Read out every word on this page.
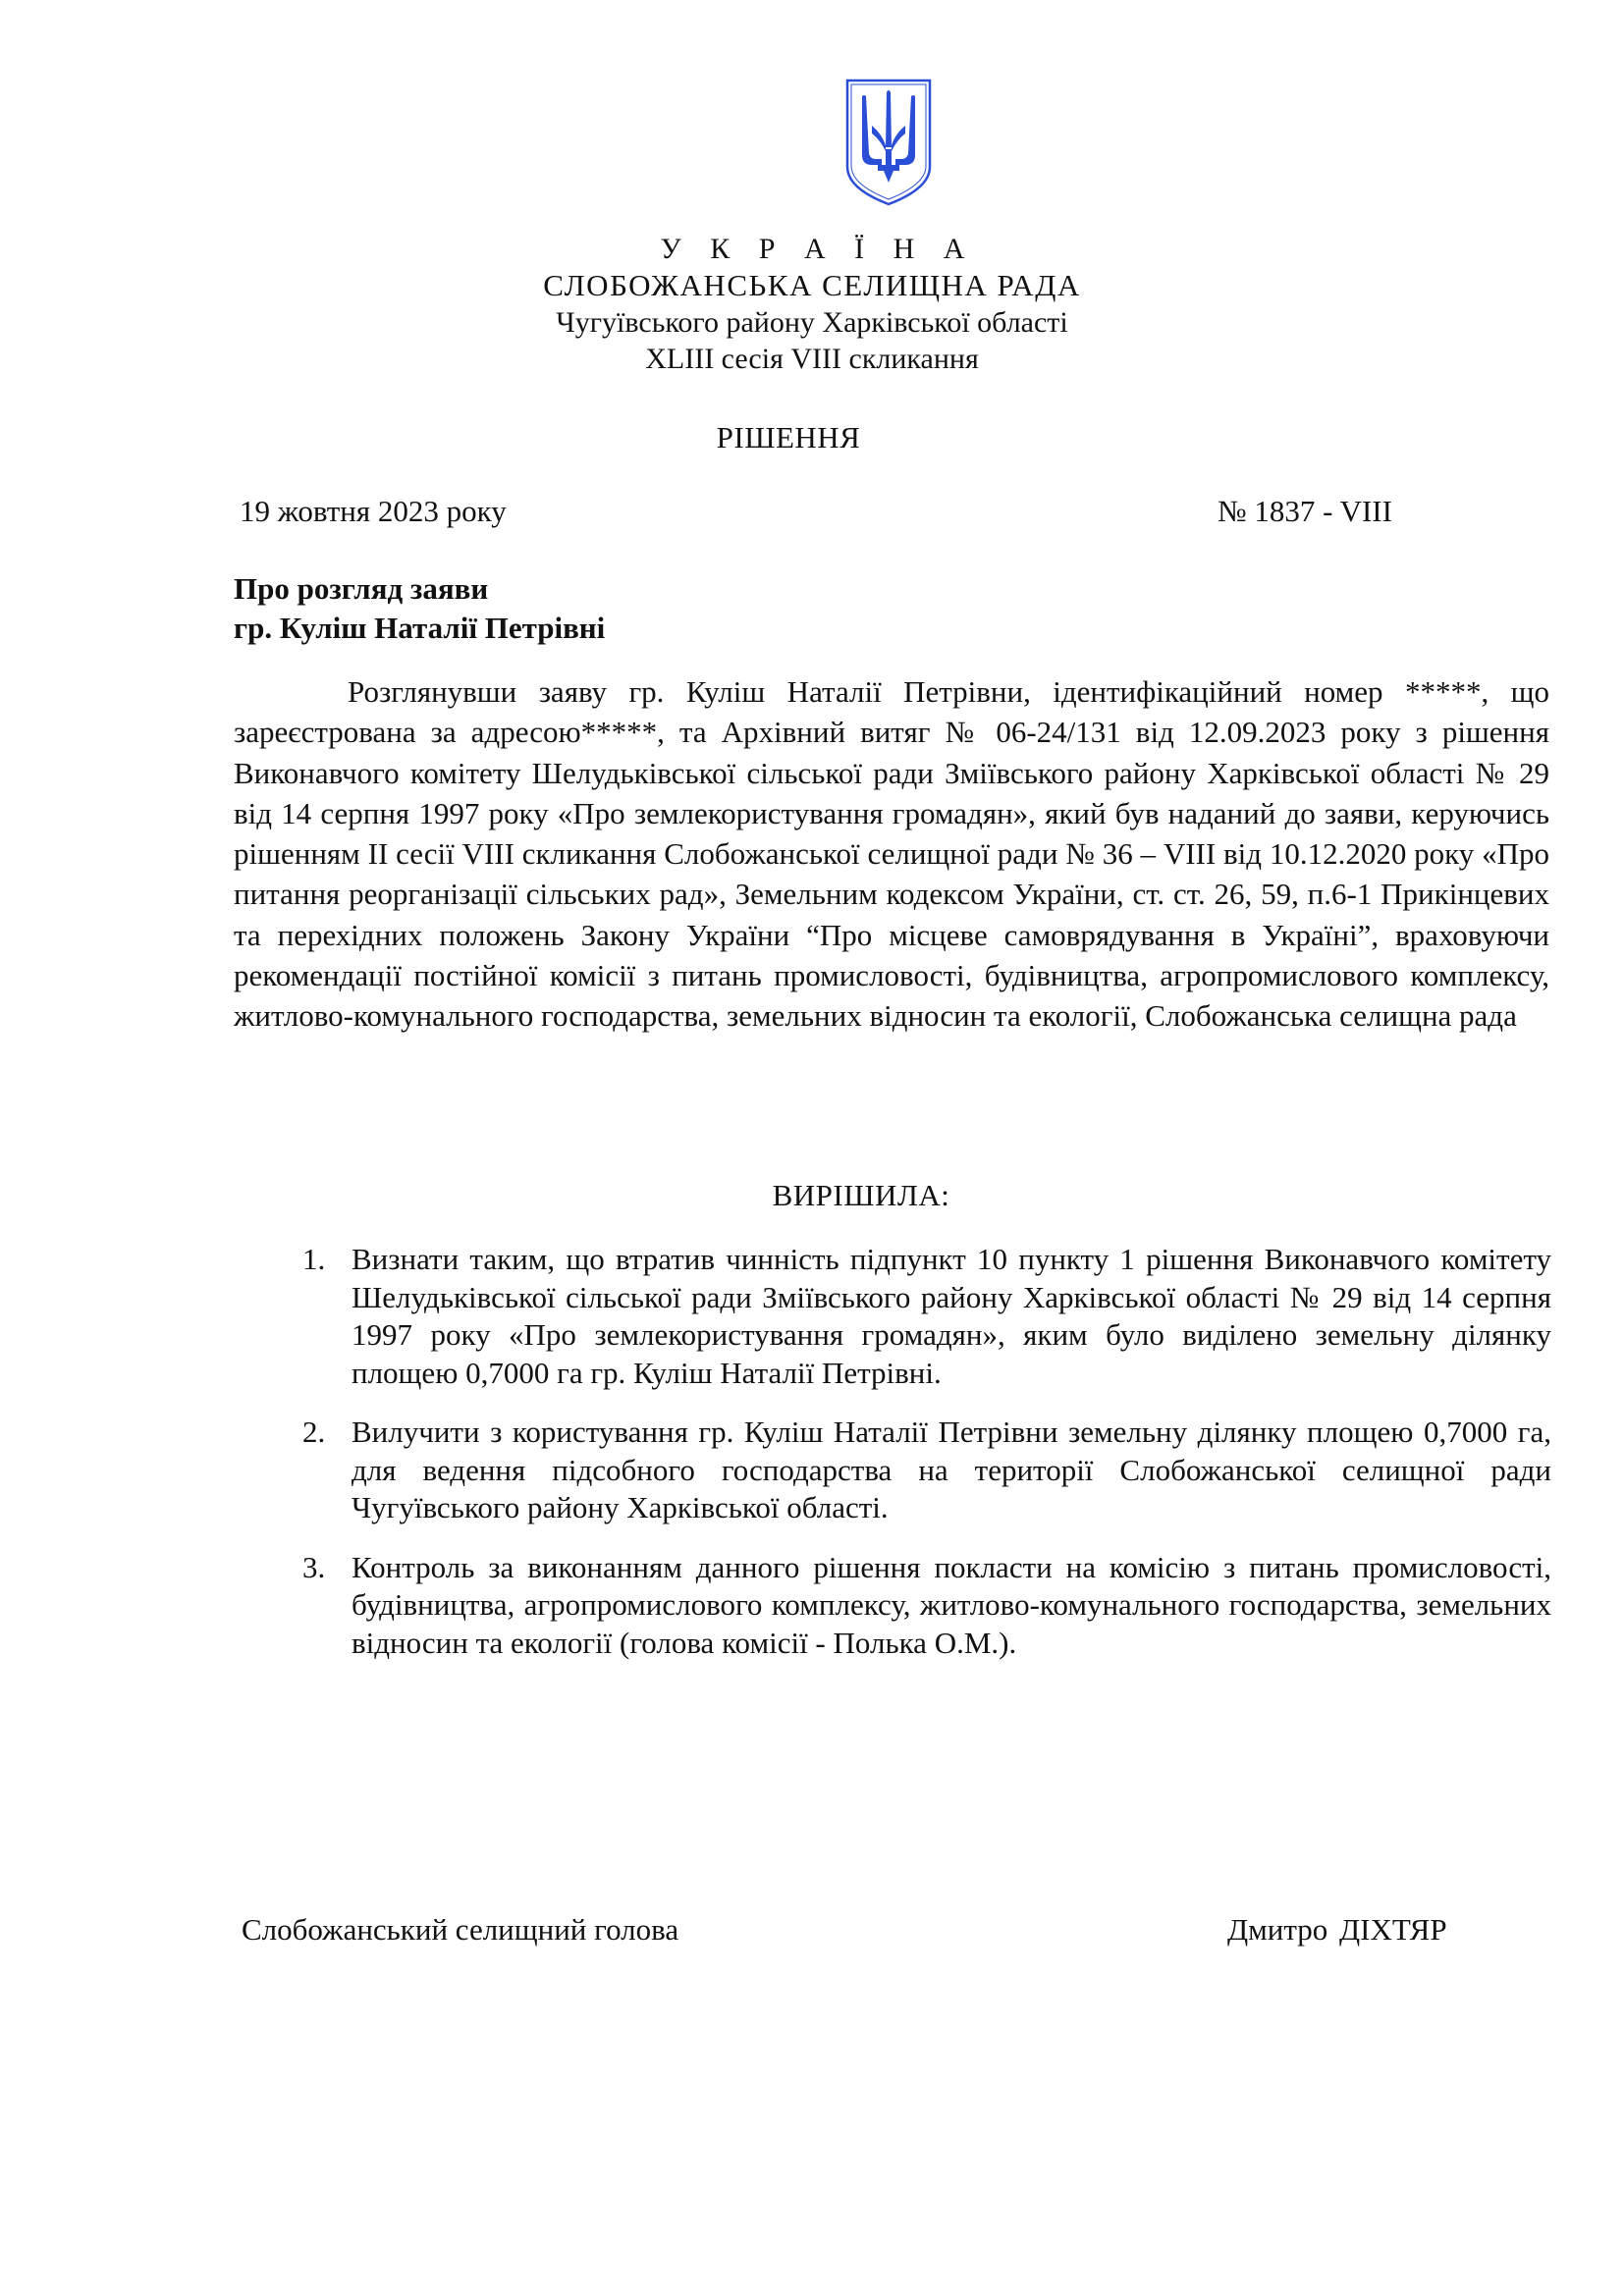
У К Р А Ї Н А
СЛОБОЖАНСЬКА СЕЛИЩНА РАДА
Чугуївського району Харківської області
XLIII сесія VIII скликання
РІШЕННЯ
19 жовтня 2023 року	№ 1837 - VIII
Про розгляд заяви
гр. Куліш Наталії Петрівні

Розглянувши заяву гр. Куліш Наталії Петрівни, ідентифікаційний номер *****, що зареєстрована за адресою*****, та Архівний витяг № 06-24/131 від 12.09.2023 року з рішення Виконавчого комітету Шелудьківської сільської ради Зміївського району Харківської області № 29 від 14 серпня 1997 року «Про землекористування громадян», який був наданий до заяви, керуючись рішенням ІІ сесії VIII скликання Слобожанської селищної ради № 36 – VIII від 10.12.2020 року «Про питання реорганізації сільських рад», Земельним кодексом України, ст. ст. 26, 59, п.6-1 Прикінцевих та перехідних положень Закону України “Про місцеве самоврядування в Україні”, враховуючи рекомендації постійної комісії з питань промисловості, будівництва, агропромислового комплексу, житлово-комунального господарства, земельних відносин та екології, Слобожанська селищна рада

ВИРІШИЛА:
1. Визнати таким, що втратив чинність підпункт 10 пункту 1 рішення Виконавчого комітету Шелудьківської сільської ради Зміївського району Харківської області № 29 від 14 серпня 1997 року «Про землекористування громадян», яким було виділено земельну ділянку площею 0,7000 га гр. Куліш Наталії Петрівні.
2. Вилучити з користування гр. Куліш Наталії Петрівни земельну ділянку площею 0,7000 га, для ведення підсобного господарства на території Слобожанської селищної ради Чугуївського району Харківської області.
3. Контроль за виконанням данного рішення покласти на комісію з питань промисловості, будівництва, агропромислового комплексу, житлово-комунального господарства, земельних відносин та екології (голова комісії - Полька О.М.).
Слобожанський селищний голова	Дмитро ДІХТЯР
